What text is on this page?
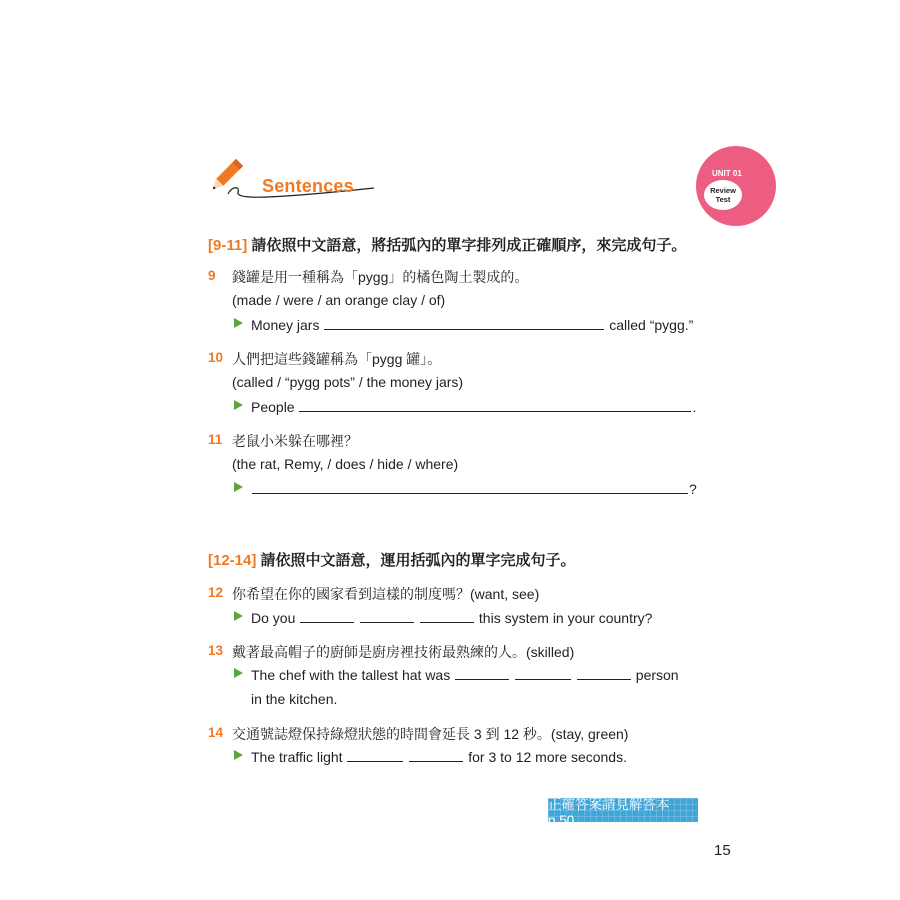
Sentences
UNIT 01
Review
Test
[9-11] 請依照中文語意，將括弧內的單字排列成正確順序，來完成句子。
9 錢罐是用一種稱為「pygg」的橘色陶土製成的。
(made / were / an orange clay / of)
Money jars	called “pygg.”
10 人們把這些錢罐稱為「pygg 罐」。
(called / “pygg pots” / the money jars)
People	.
11 老鼠小米躲在哪裡？
(the rat, Remy, / does / hide / where)
?
[12-14] 請依照中文語意，運用括弧內的單字完成句子。
12 你希望在你的國家看到這樣的制度嗎？(want, see)
Do you	this system in your country?
13 戴著最高帽子的廚師是廚房裡技術最熟練的人。(skilled)
The chef with the tallest hat was	person
in the kitchen.
14 交通號誌燈保持綠燈狀態的時間會延長 3 到 12 秒。(stay, green)
The traffic light	for 3 to 12 more seconds.
正確答案請見解答本 p.50
15
